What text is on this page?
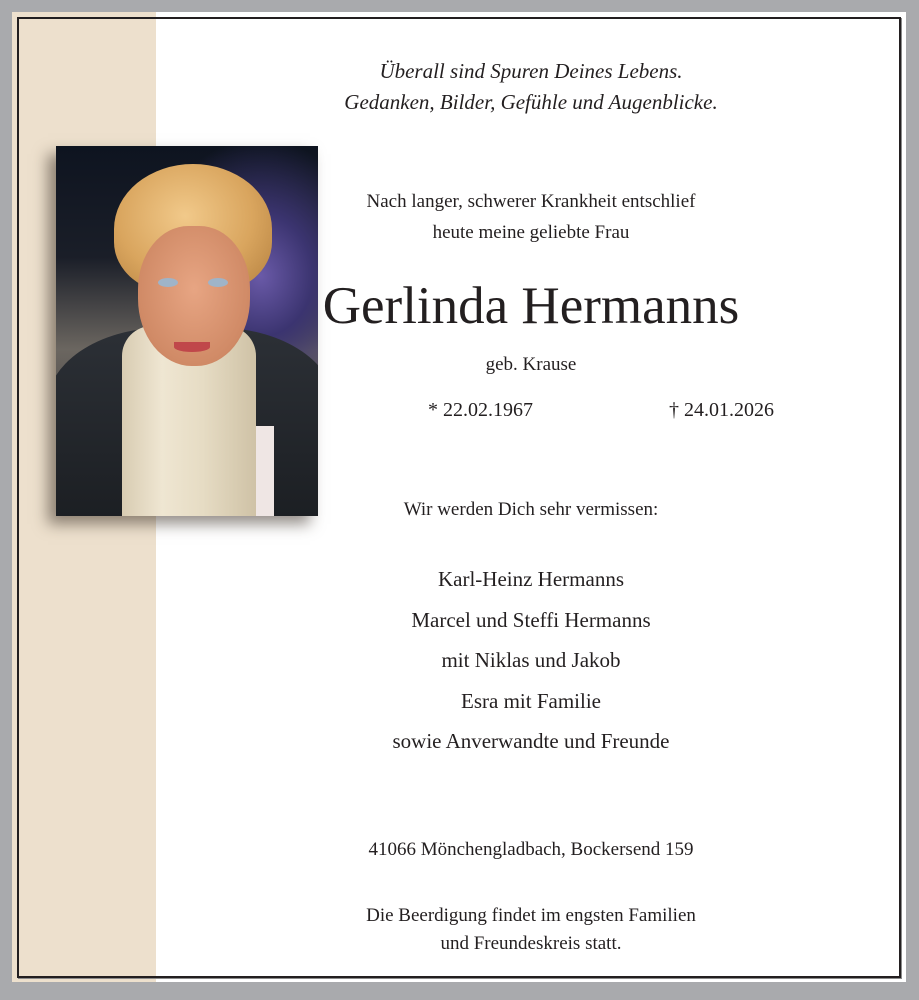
Überall sind Spuren Deines Lebens.
Gedanken, Bilder, Gefühle und Augenblicke.
Nach langer, schwerer Krankheit entschlief
heute meine geliebte Frau
Gerlinda Hermanns
geb. Krause
* 22.02.1967	† 24.01.2026
Wir werden Dich sehr vermissen:
Karl-Heinz Hermanns
Marcel und Steffi Hermanns
mit Niklas und Jakob
Esra mit Familie
sowie Anverwandte und Freunde
41066 Mönchengladbach, Bockersend 159
Die Beerdigung findet im engsten Familien
und Freundeskreis statt.
